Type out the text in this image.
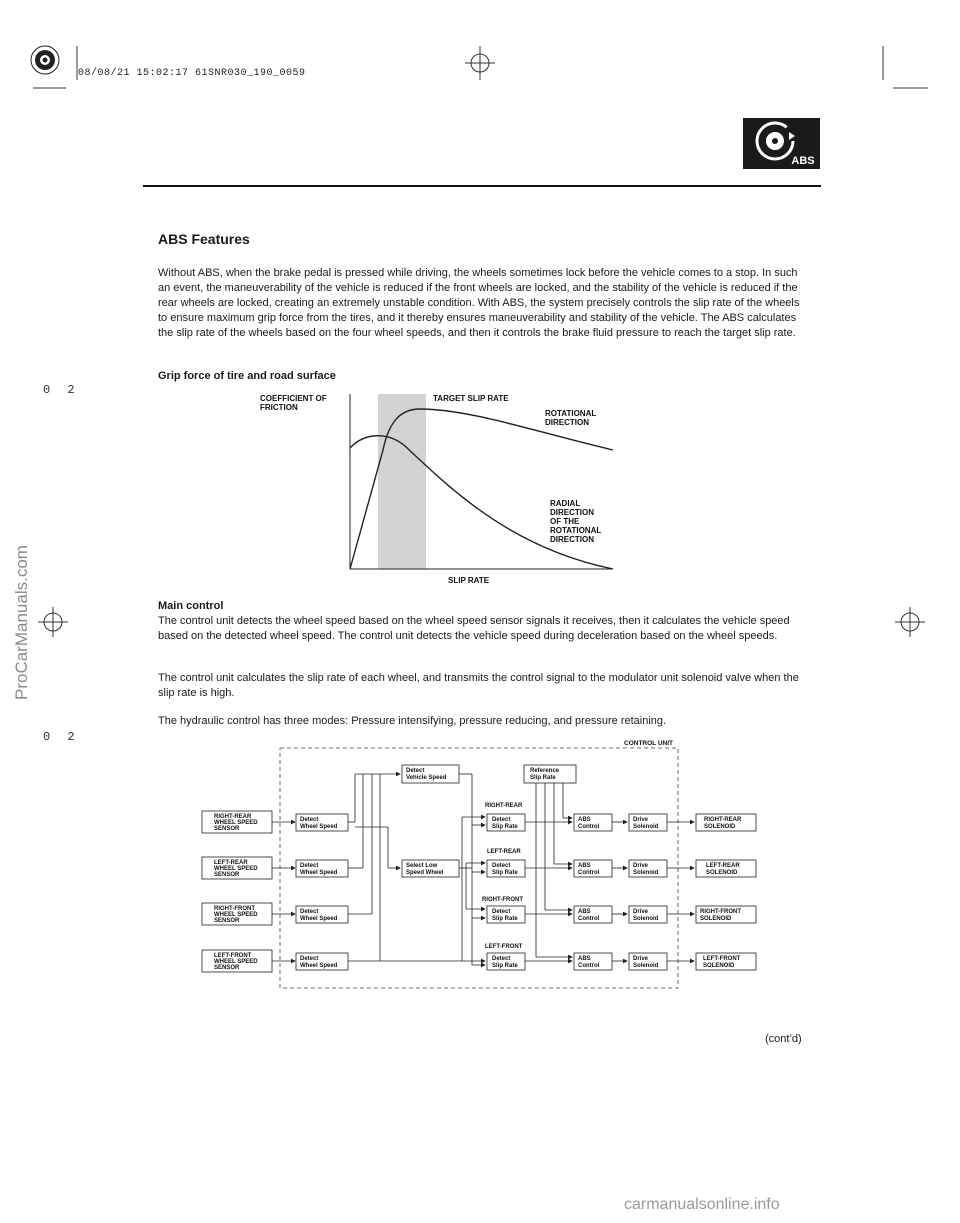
08/08/21 15:02:17 61SNR030_190_0059
0 2
0 2
ABS
ABS Features

Without ABS, when the brake pedal is pressed while driving, the wheels sometimes lock before the vehicle comes to a stop. In such an event, the maneuverability of the vehicle is reduced if the front wheels are locked, and the stability of the vehicle is reduced if the rear wheels are locked, creating an extremely unstable condition. With ABS, the system precisely controls the slip rate of the wheels to ensure maximum grip force from the tires, and it thereby ensures maneuverability and stability of the vehicle. The ABS calculates the slip rate of the wheels based on the four wheel speeds, and then it controls the brake fluid pressure to reach the target slip rate.

Grip force of tire and road surface

COEFFICIENT OF FRICTION
TARGET SLIP RATE
ROTATIONAL DIRECTION
RADIAL DIRECTION OF THE ROTATIONAL DIRECTION
SLIP RATE

Main control

The control unit detects the wheel speed based on the wheel speed sensor signals it receives, then it calculates the vehicle speed based on the detected wheel speed. The control unit detects the vehicle speed during deceleration based on the wheel speeds.

The control unit calculates the slip rate of each wheel, and transmits the control signal to the modulator unit solenoid valve when the slip rate is high.

The hydraulic control has three modes: Pressure intensifying, pressure reducing, and pressure retaining.

CONTROL UNIT
RIGHT-REAR WHEEL SPEED SENSOR
LEFT-REAR WHEEL SPEED SENSOR
RIGHT-FRONT WHEEL SPEED SENSOR
LEFT-FRONT WHEEL SPEED SENSOR
Detect Wheel Speed
Detect Wheel Speed
Detect Wheel Speed
Detect Wheel Speed
Detect Vehicle Speed
Select Low Speed Wheel
Reference Slip Rate
RIGHT-REAR
LEFT-REAR
RIGHT-FRONT
LEFT-FRONT
Detect Slip Rate
Detect Slip Rate
Detect Slip Rate
Detect Slip Rate
ABS Control
ABS Control
ABS Control
ABS Control
Drive Solenoid
Drive Solenoid
Drive Solenoid
Drive Solenoid
RIGHT-REAR SOLENOID
LEFT-REAR SOLENOID
RIGHT-FRONT SOLENOID
LEFT-FRONT SOLENOID
(cont’d)
ProCarManuals.com
carmanualsonline.info
